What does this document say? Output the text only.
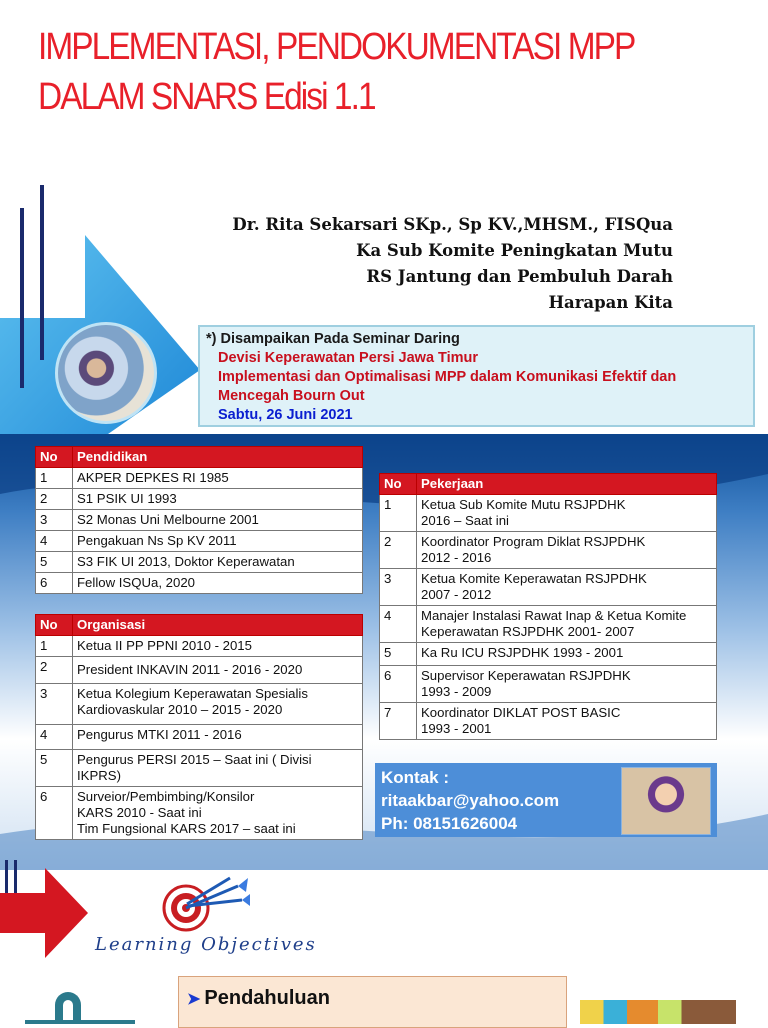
IMPLEMENTASI, PENDOKUMENTASI MPP
DALAM SNARS Edisi 1.1
Dr. Rita Sekarsari SKp., Sp KV.,MHSM., FISQua
Ka Sub Komite Peningkatan Mutu
RS Jantung dan Pembuluh Darah
Harapan Kita
*) Disampaikan Pada Seminar Daring
Devisi Keperawatan Persi Jawa Timur
Implementasi dan Optimalisasi MPP dalam Komunikasi Efektif dan
Mencegah Bourn Out
Sabtu, 26 Juni 2021
No	Pendidikan
1	AKPER DEPKES RI 1985
2	S1 PSIK UI 1993
3	S2 Monas Uni Melbourne 2001
4	Pengakuan Ns Sp KV 2011
5	S3 FIK UI 2013, Doktor Keperawatan
6	Fellow ISQUa, 2020
No	Organisasi
1	Ketua II PP PPNI 2010 - 2015

2	President INKAVIN 2011 - 2016 - 2020

3	Ketua Kolegium Keperawatan Spesialis
Kardiovaskular 2010 – 2015 - 2020

4	Pengurus MTKI 2011 - 2016

5	Pengurus PERSI 2015 – Saat ini ( Divisi
IKPRS)

6	Surveior/Pembimbing/Konsilor
KARS 2010 - Saat ini
Tim Fungsional KARS 2017 – saat ini
No	Pekerjaan
1	Ketua Sub Komite Mutu RSJPDHK
2016 – Saat ini

2	Koordinator Program Diklat RSJPDHK
2012 - 2016

3	Ketua Komite Keperawatan RSJPDHK
2007 - 2012

4	Manajer Instalasi Rawat Inap & Ketua Komite
Keperawatan RSJPDHK 2001- 2007

5	Ka Ru ICU RSJPDHK 1993 - 2001

6	Supervisor Keperawatan RSJPDHK
1993 - 2009

7	Koordinator DIKLAT POST BASIC
1993 - 2001
Kontak :
ritaakbar@yahoo.com
Ph: 08151626004
Learning Objectives
➤ Pendahuluan
